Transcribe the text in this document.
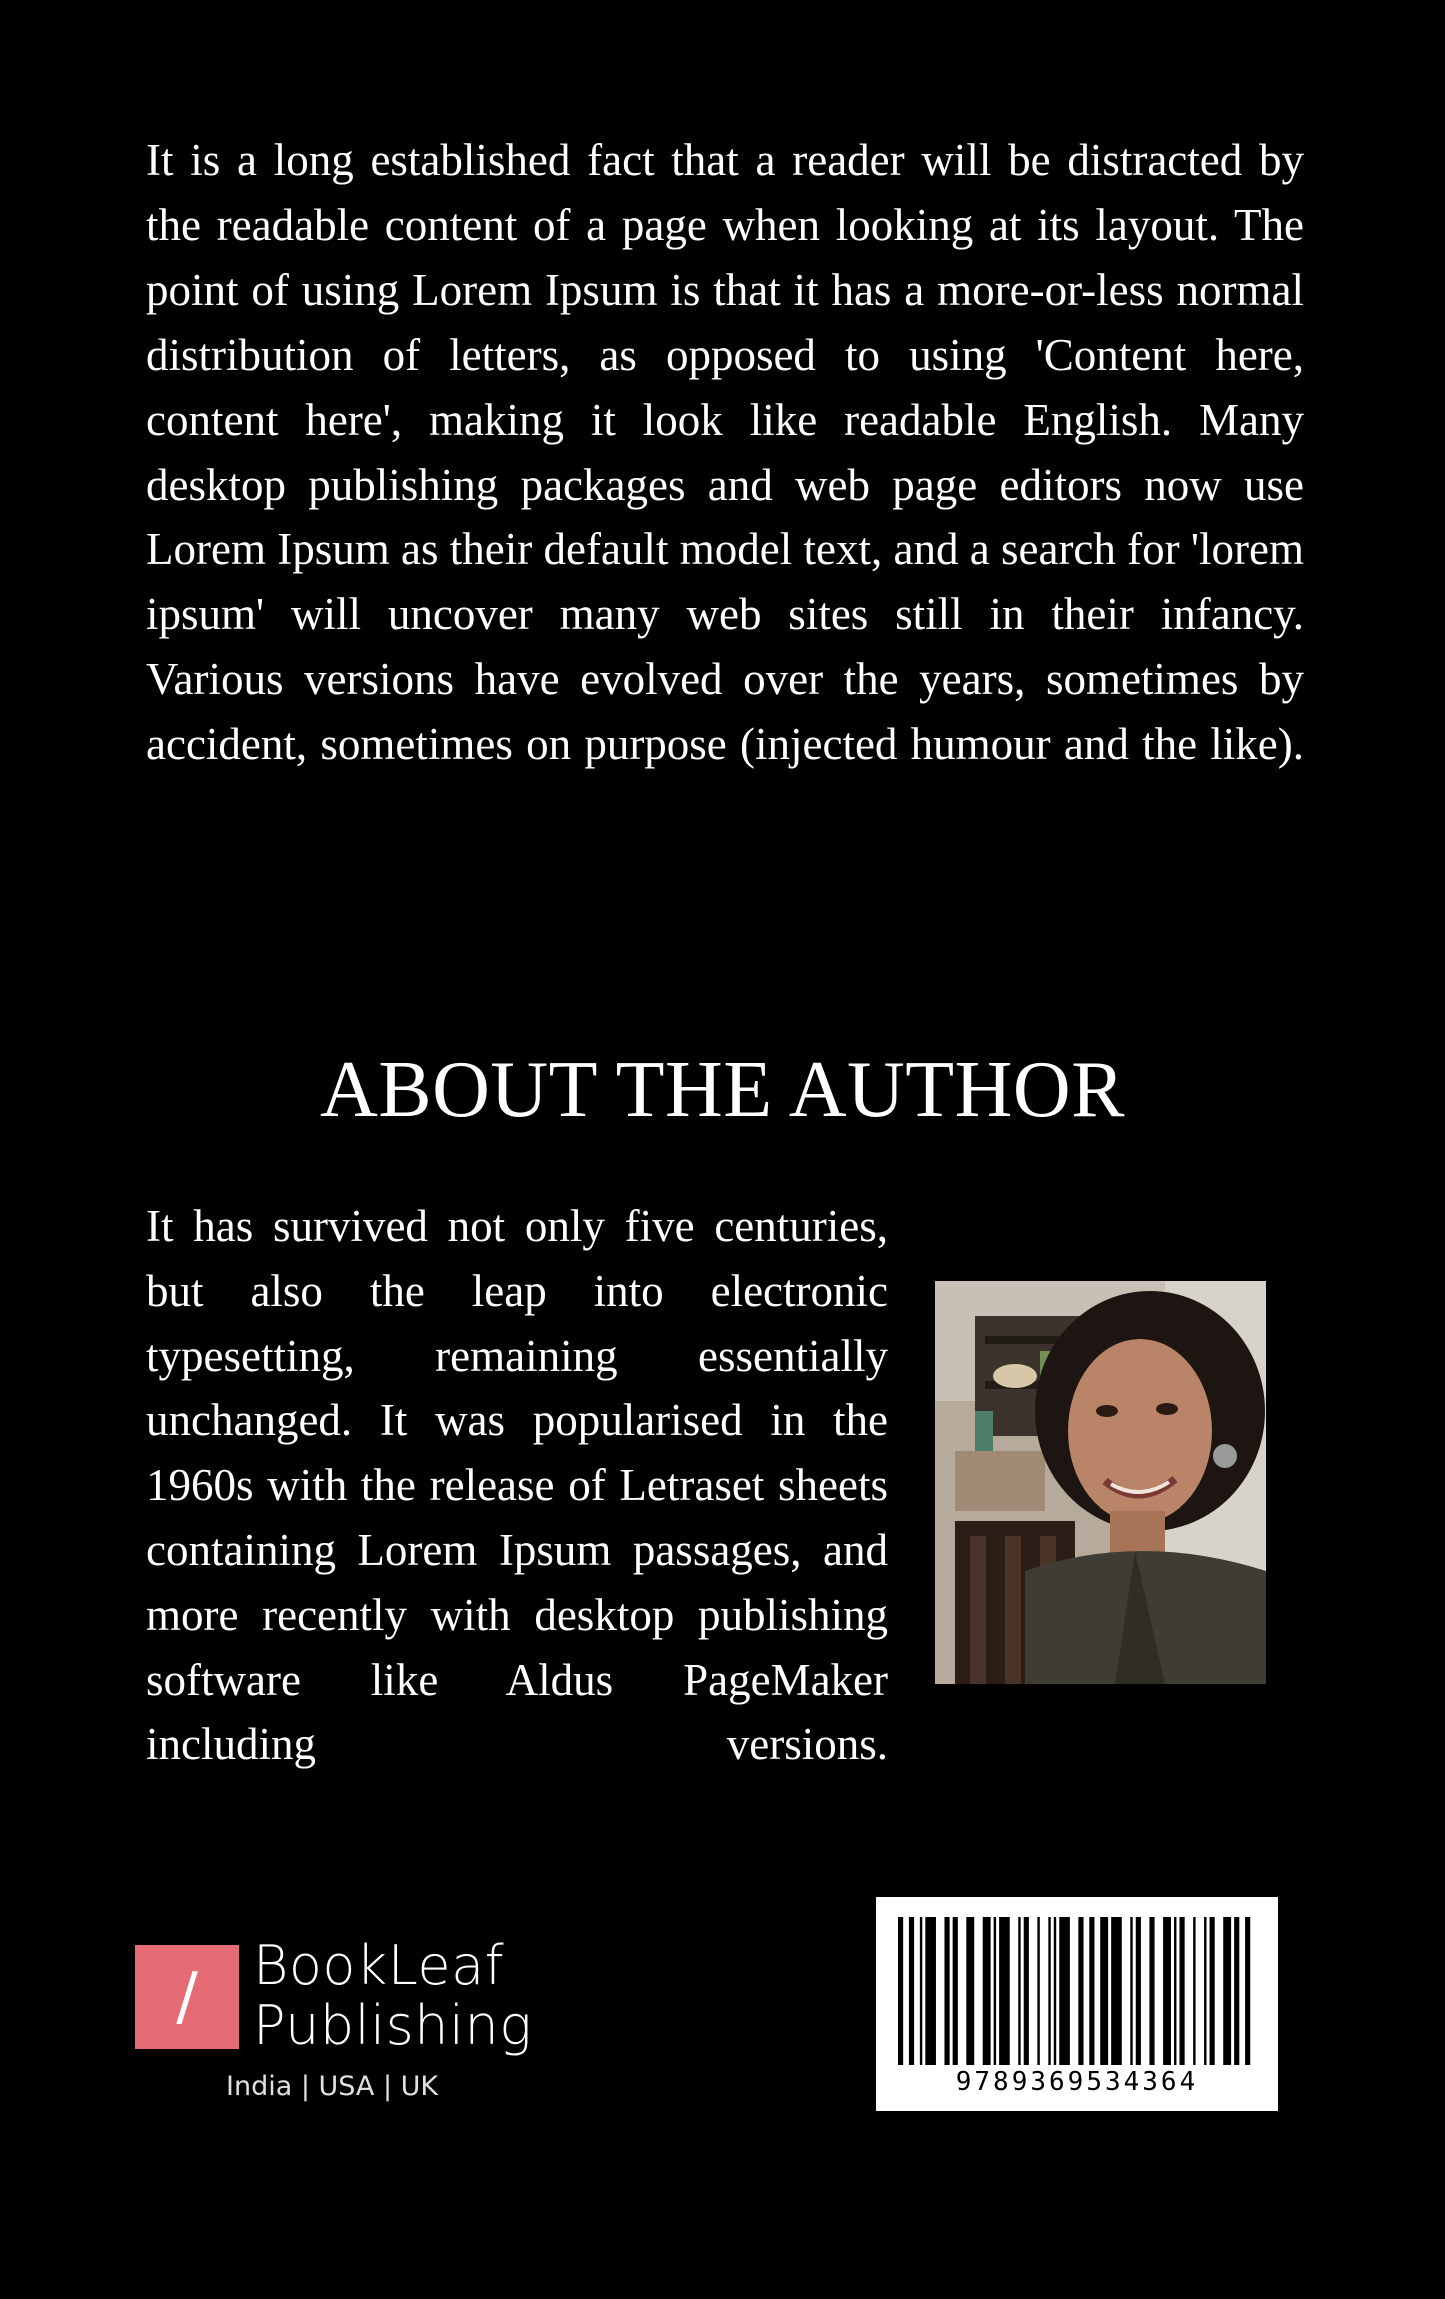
It is a long established fact that a reader will be distracted by the readable content of a page when looking at its layout. The point of using Lorem Ipsum is that it has a more-or-less normal distribution of letters, as opposed to using 'Content here, content here', making it look like readable English. Many desktop publishing packages and web page editors now use Lorem Ipsum as their default model text, and a search for 'lorem ipsum' will uncover many web sites still in their infancy. Various versions have evolved over the years, sometimes by accident, sometimes on purpose (injected humour and the like).

ABOUT THE AUTHOR

It has survived not only five centuries, but also the leap into electronic typesetting, remaining essentially unchanged. It was popularised in the 1960s with the release of Letraset sheets containing Lorem Ipsum passages, and more recently with desktop publishing software like Aldus PageMaker including versions.

/	BookLeaf
Publishing
India | USA | UK	9789369534364
